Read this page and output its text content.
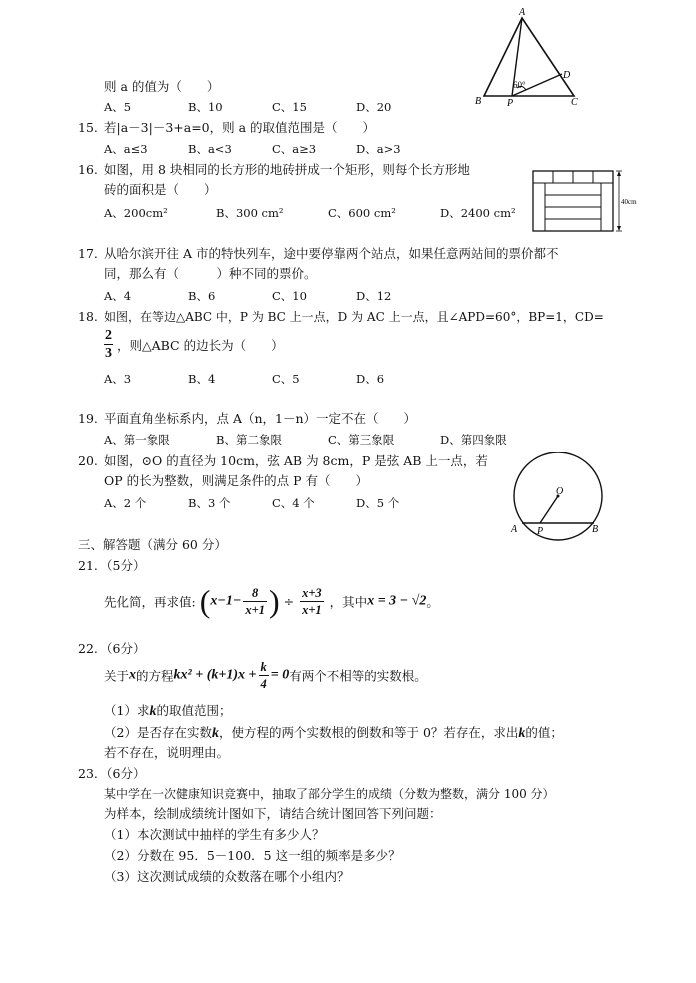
A
B	P	C
D
60°
则 a 的值为（　　）
A、5	B、10	C、15	D、20
15. 若|a－3|－3+a=0，则 a 的取值范围是（　　）
A、a≤3	B、a<3	C、a≥3	D、a>3
16. 如图，用 8 块相同的长方形的地砖拼成一个矩形，则每个长方形地
砖的面积是（　　）
A、200cm²	B、300 cm²	C、600 cm²	D、2400 cm²
40cm
17. 从哈尔滨开往 A 市的特快列车，途中要停靠两个站点，如果任意两站间的票价都不
同，那么有（　　　）种不同的票价。
A、4	B、6	C、10	D、12
18. 如图，在等边△ABC 中，P 为 BC 上一点，D 为 AC 上一点，且∠APD=60°，BP=1，CD=
$\frac{2}{3}$ ，则△ABC 的边长为（　　）
A、3	B、4	C、5	D、6
19. 平面直角坐标系内，点 A（n，1－n）一定不在（　　）
A、第一象限	B、第二象限	C、第三象限	D、第四象限
20. 如图，⊙O 的直径为 10cm，弦 AB 为 8cm，P 是弦 AB 上一点，若
OP 的长为整数，则满足条件的点 P 有（　　）
A、2 个	B、3 个	C、4 个	D、5 个
O
A P	B
三、解答题（满分 60 分）
21. （5分）
先化简，再求值: ($x-1- \frac{8}{x+1}$ ) ÷ $\frac{x+3}{x+1}$ ，其中x = 3 − √2。
22. （6分）
关于x的方程$kx^2 + (k+1)x + \frac{k}{4} = 0$有两个不相等的实数根。
（1）求k的取值范围；
（2）是否存在实数k，使方程的两个实数根的倒数和等于 0？若存在，求出k的值；
若不存在，说明理由。
23. （6分）
某中学在一次健康知识竞赛中，抽取了部分学生的成绩（分数为整数，满分 100 分）
为样本，绘制成绩统计图如下，请结合统计图回答下列问题：
（1）本次测试中抽样的学生有多少人？
（2）分数在 95．5－100．5 这一组的频率是多少？
（3）这次测试成绩的众数落在哪个小组内？
